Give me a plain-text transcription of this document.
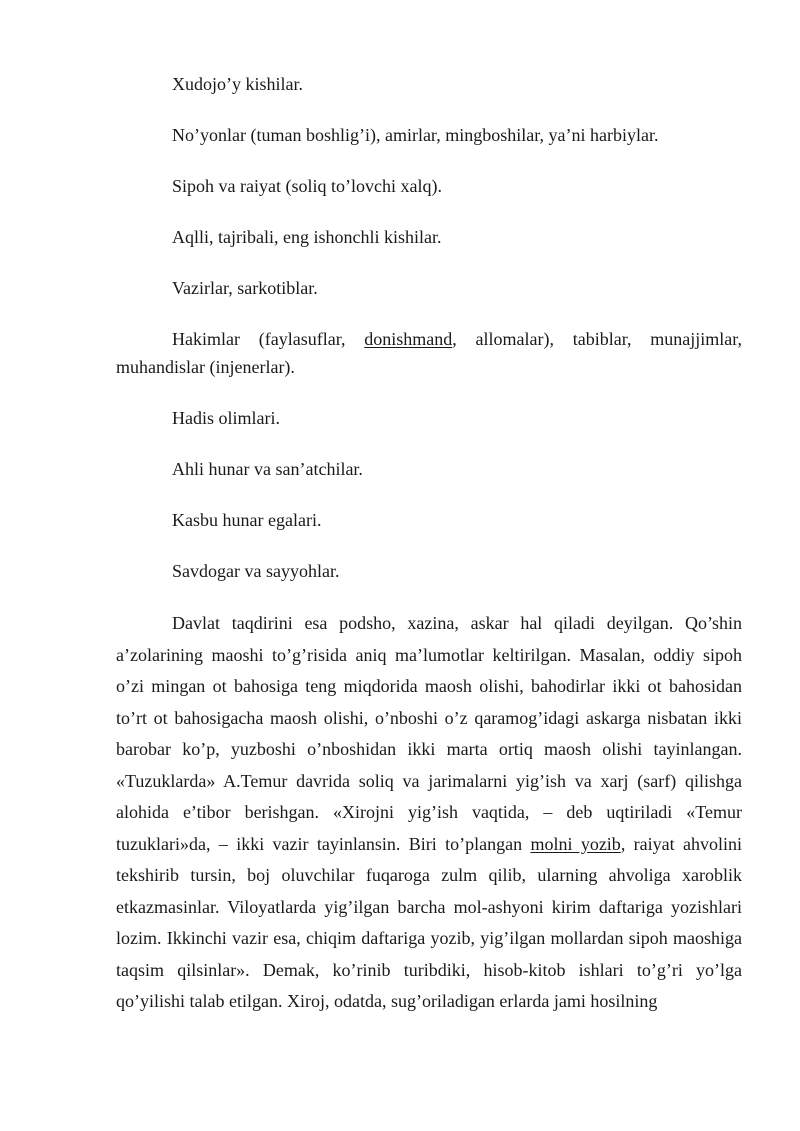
Xudojo’y kishilar.

No’yonlar (tuman boshlig’i), amirlar, mingboshilar, ya’ni harbiylar.

Sipoh va raiyat (soliq to’lovchi xalq).

Aqlli, tajribali, eng ishonchli kishilar.

Vazirlar, sarkotiblar.

Hakimlar (faylasuflar, donishmand, allomalar), tabiblar, munajjimlar, muhandislar (injenerlar).

Hadis olimlari.

Ahli hunar va san’atchilar.

Kasbu hunar egalari.

Savdogar va sayyohlar.

Davlat taqdirini esa podsho, xazina, askar hal qiladi deyilgan. Qo’shin a’zolarining maoshi to’g’risida aniq ma’lumotlar keltirilgan. Masalan, oddiy sipoh o’zi mingan ot bahosiga teng miqdorida maosh olishi, bahodirlar ikki ot bahosidan to’rt ot bahosigacha maosh olishi, o’nboshi o’z qaramog’idagi askarga nisbatan ikki barobar ko’p, yuzboshi o’nboshidan ikki marta ortiq maosh olishi tayinlangan. «Tuzuklarda» A.Temur davrida soliq va jarimalarni yig’ish va xarj (sarf) qilishga alohida e’tibor berishgan. «Xirojni yig’ish vaqtida, – deb uqtiriladi «Temur tuzuklari»da, – ikki vazir tayinlansin. Biri to’plangan molni yozib, raiyat ahvolini tekshirib tursin, boj oluvchilar fuqaroga zulm qilib, ularning ahvoliga xaroblik etkazmasinlar. Viloyatlarda yig’ilgan barcha mol-ashyoni kirim daftariga yozishlari lozim. Ikkinchi vazir esa, chiqim daftariga yozib, yig’ilgan mollardan sipoh maoshiga taqsim qilsinlar». Demak, ko’rinib turibdiki, hisob-kitob ishlari to’g’ri yo’lga qo’yilishi talab etilgan. Xiroj, odatda, sug’oriladigan erlarda jami hosilning
